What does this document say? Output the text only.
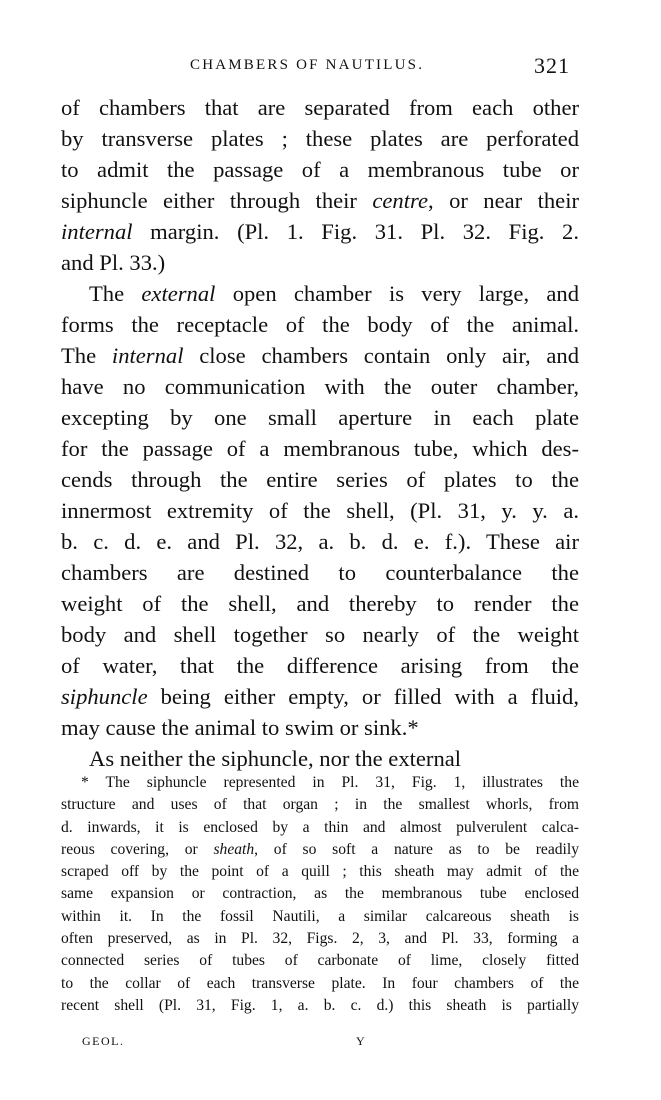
CHAMBERS OF NAUTILUS.	321
of chambers that are separated from each other
by transverse plates ; these plates are perforated
to admit the passage of a membranous tube or
siphuncle either through their centre, or near their
internal margin. (Pl. 1. Fig. 31. Pl. 32. Fig. 2.
and Pl. 33.)
The external open chamber is very large, and
forms the receptacle of the body of the animal.
The internal close chambers contain only air, and
have no communication with the outer chamber,
excepting by one small aperture in each plate
for the passage of a membranous tube, which des-
cends through the entire series of plates to the
innermost extremity of the shell, (Pl. 31, y. y. a.
b. c. d. e. and Pl. 32, a. b. d. e. f.). These air
chambers are destined to counterbalance the
weight of the shell, and thereby to render the
body and shell together so nearly of the weight
of water, that the difference arising from the
siphuncle being either empty, or filled with a fluid,
may cause the animal to swim or sink.*
As neither the siphuncle, nor the external
* The siphuncle represented in Pl. 31, Fig. 1, illustrates the
structure and uses of that organ ; in the smallest whorls, from
d. inwards, it is enclosed by a thin and almost pulverulent calca-
reous covering, or sheath, of so soft a nature as to be readily
scraped off by the point of a quill ; this sheath may admit of the
same expansion or contraction, as the membranous tube enclosed
within it. In the fossil Nautili, a similar calcareous sheath is
often preserved, as in Pl. 32, Figs. 2, 3, and Pl. 33, forming a
connected series of tubes of carbonate of lime, closely fitted
to the collar of each transverse plate. In four chambers of the
recent shell (Pl. 31, Fig. 1, a. b. c. d.) this sheath is partially
GEOL.	Y
